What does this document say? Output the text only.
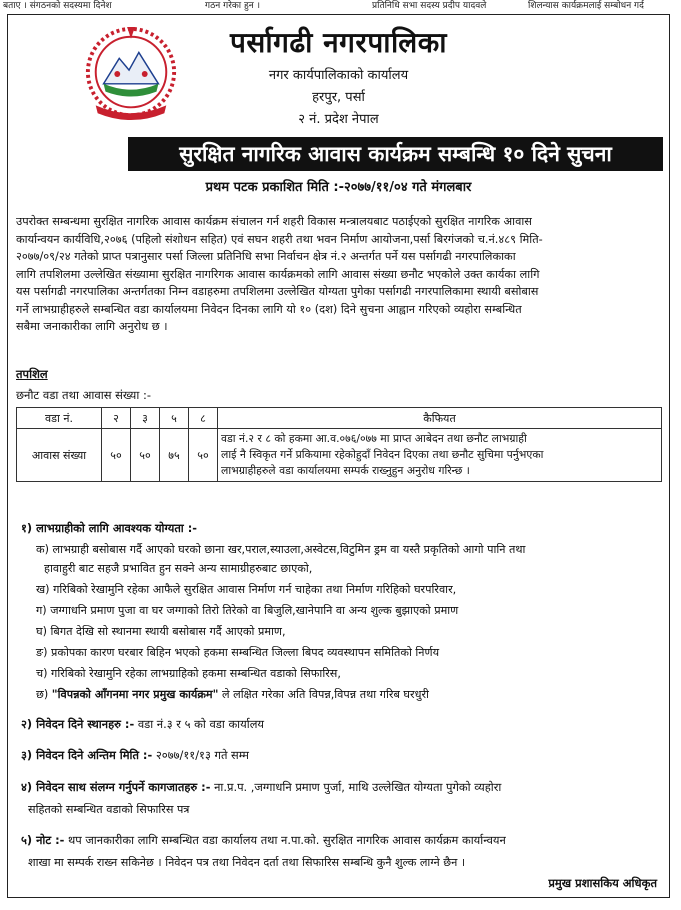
बताए । संगठनको सदस्यमा दिनेश	गठन गरेका हुन ।	प्रतिनिधि सभा सदस्य प्रदीप यादवले	शिलन्यास कार्यक्रमलाई सम्बोधन गर्द
पर्सागढी नगरपालिका
नगर कार्यपालिकाको कार्यालय
हरपुर, पर्सा
२ नं. प्रदेश नेपाल
सुरक्षित नागरिक आवास कार्यक्रम सम्बन्धि १० दिने सुचना
प्रथम पटक प्रकाशित मिति :-२०७७/११/०४ गते मंगलबार
उपरोक्त सम्बन्धमा सुरक्षित नागरिक आवास कार्यक्रम संचालन गर्न शहरी विकास मन्त्रालयबाट पठाईएको सुरक्षित नागरिक आवास
कार्यान्वयन कार्यविधि,२०७६ (पहिलो संशोधन सहित) एवं सघन शहरी तथा भवन निर्माण आयोजना,पर्सा बिरगंजको च.नं.४८९ मिति-
२०७७/०९/२४ गतेको प्राप्त पत्रानुसार पर्सा जिल्ला प्रतिनिधि सभा निर्वाचन क्षेत्र नं.२ अन्तर्गत पर्ने यस पर्सागढी नगरपालिकाका
लागि तपशिलमा उल्लेखित संख्यामा सुरक्षित नागरिगक आवास कार्यक्रमको लागि आवास संख्या छनौट भएकोले उक्त कार्यका लागि
यस पर्सागढी नगरपालिका अन्तर्गतका निम्न वडाहरुमा तपशिलमा उल्लेखित योग्यता पुगेका पर्सागढी नगरपालिकामा स्थायी बसोबास
गर्ने लाभग्राहीहरुले सम्बन्धित वडा कार्यालयमा निवेदन दिनका लागि यो १० (दश) दिने सुचना आह्वान गरिएको व्यहोरा सम्बन्धित
सबैमा जनाकारीका लागि अनुरोध छ ।
तपशिल
छनौट वडा तथा आवास संख्या :-
वडा नं.	२	३	५	८	कैफियत
आवास संख्या	५०	५०	७५	५०	वडा नं.२ र ८ को हकमा आ.व.०७६/०७७ मा प्राप्त आबेदन तथा छनौट लाभग्राही
लाई नै स्विकृत गर्ने प्रकियामा रहेकोहुदाँ निवेदन दिएका तथा छनौट सुचिमा पर्नुभएका
लाभग्राहीहरुले वडा कार्यालयमा सम्पर्क राख्नुहुन अनुरोध गरिन्छ ।
१) लाभग्राहीको लागि आवश्यक योग्यता :-
क) लाभग्राही बसोबास गर्दै आएको घरको छाना खर,पराल,स्याउला,अस्वेटस,विटुमिन ड्रम वा यस्तै प्रकृतिको आगो पानि तथा
हावाहुरी बाट सहजै प्रभावित हुन सक्ने अन्य सामाग्रीहरुबाट छाएको,
ख) गरिबिको रेखामुनि रहेका आफैले सुरक्षित आवास निर्माण गर्न चाहेका तथा निर्माण गरिहिको घरपरिवार,
ग) जग्गाधनि प्रमाण पुजा वा घर जग्गाको तिरो तिरेको वा बिजुलि,खानेपानि वा अन्य शुल्क बुझाएको प्रमाण
घ) बिगत देखि सो स्थानमा स्थायी बसोबास गर्दै आएको प्रमाण,
ङ) प्रकोपका कारण घरबार बिहिन भएको हकमा सम्बन्धित जिल्ला बिपद व्यवस्थापन समितिको निर्णय
च) गरिबिको रेखामुनि रहेका लाभग्राहिको हकमा सम्बन्धित वडाको सिफारिस,
छ) "विपन्नको आँगनमा नगर प्रमुख कार्यक्रम" ले लक्षित गरेका अति विपन्न,विपन्न तथा गरिब घरधुरी
२) निवेदन दिने स्थानहरु :- वडा नं.३ र ५ को वडा कार्यालय
३) निवेदन दिने अन्तिम मिति :- २०७७/११/१३ गते सम्म
४) निवेदन साथ संलग्न गर्नुपर्ने कागजातहरु :- ना.प्र.प. ,जग्गाधनि प्रमाण पुर्जा, माथि उल्लेखित योग्यता पुगेको व्यहोरा
सहितको सम्बन्धित वडाको सिफारिस पत्र
५) नोट :- थप जानकारीका लागि सम्बन्धित वडा कार्यालय तथा न.पा.को. सुरक्षित नागरिक आवास कार्यक्रम कार्यान्वयन
शाखा मा सम्पर्क राख्न सकिनेछ । निवेदन पत्र तथा निवेदन दर्ता तथा सिफारिस सम्बन्धि कुनै शुल्क लाग्ने छैन ।
प्रमुख प्रशासकिय अधिकृत
